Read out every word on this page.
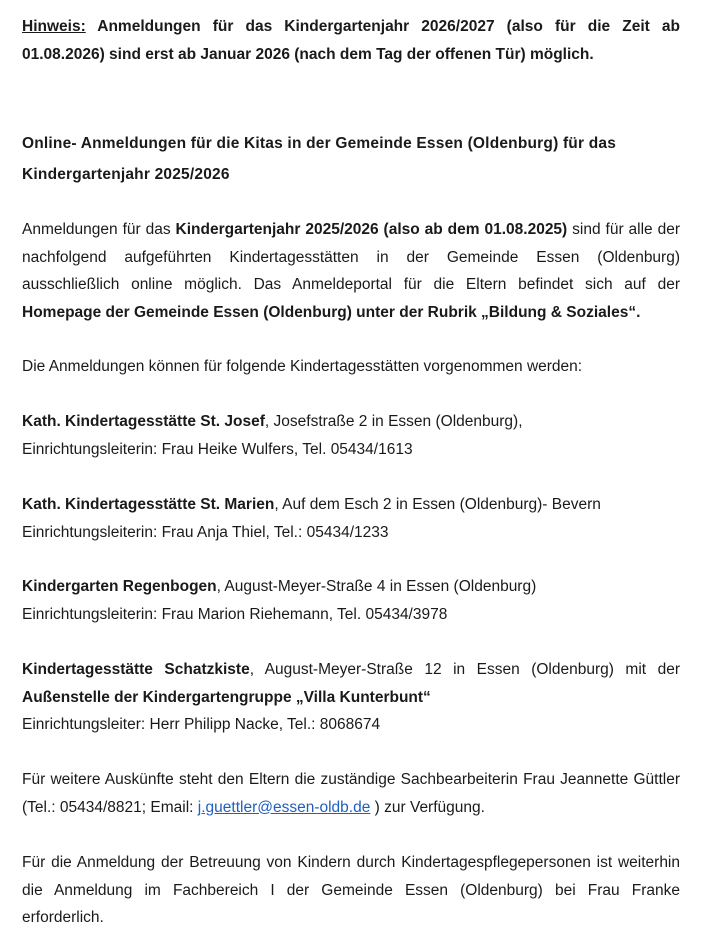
Hinweis: Anmeldungen für das Kindergartenjahr 2026/2027 (also für die Zeit ab 01.08.2026) sind erst ab Januar 2026 (nach dem Tag der offenen Tür) möglich.

Online- Anmeldungen für die Kitas in der Gemeinde Essen (Oldenburg) für das Kindergartenjahr 2025/2026

Anmeldungen für das Kindergartenjahr 2025/2026 (also ab dem 01.08.2025) sind für alle der nachfolgend aufgeführten Kindertagesstätten in der Gemeinde Essen (Oldenburg) ausschließlich online möglich. Das Anmeldeportal für die Eltern befindet sich auf der Homepage der Gemeinde Essen (Oldenburg) unter der Rubrik „Bildung & Soziales“.

Die Anmeldungen können für folgende Kindertagesstätten vorgenommen werden:

Kath. Kindertagesstätte St. Josef, Josefstraße 2 in Essen (Oldenburg),
Einrichtungsleiterin: Frau Heike Wulfers, Tel. 05434/1613

Kath. Kindertagesstätte St. Marien, Auf dem Esch 2 in Essen (Oldenburg)- Bevern
Einrichtungsleiterin: Frau Anja Thiel, Tel.: 05434/1233

Kindergarten Regenbogen, August-Meyer-Straße 4 in Essen (Oldenburg)
Einrichtungsleiterin: Frau Marion Riehemann, Tel. 05434/3978

Kindertagesstätte Schatzkiste, August-Meyer-Straße 12 in Essen (Oldenburg) mit der Außenstelle der Kindergartengruppe „Villa Kunterbunt“
Einrichtungsleiter: Herr Philipp Nacke, Tel.: 8068674

Für weitere Auskünfte steht den Eltern die zuständige Sachbearbeiterin Frau Jeannette Güttler (Tel.: 05434/8821; Email: j.guettler@essen-oldb.de ) zur Verfügung.

Für die Anmeldung der Betreuung von Kindern durch Kindertagespflegepersonen ist weiterhin die Anmeldung im Fachbereich I der Gemeinde Essen (Oldenburg) bei Frau Franke erforderlich.
